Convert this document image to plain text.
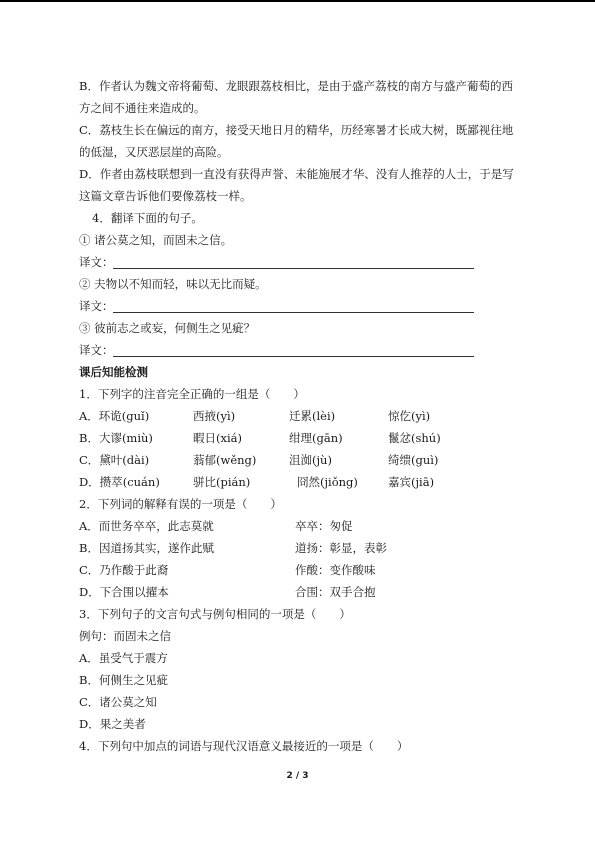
B．作者认为魏文帝将葡萄、龙眼跟荔枝相比，是由于盛产荔枝的南方与盛产葡萄的西
方之间不通往来造成的。
C．荔枝生长在偏远的南方，接受天地日月的精华，历经寒暑才长成大树，既鄙视往地
的低湿，又厌恶层崖的高险。
D．作者由荔枝联想到一直没有获得声誉、未能施展才华、没有人推荐的人士，于是写
这篇文章告诉他们要像荔枝一样。
4．翻译下面的句子。
① 诸公莫之知，而固未之信。
译文：
② 夫物以不知而轻，味以无比而疑。
译文：
③ 彼前志之或妄，何侧生之见疵？
译文：
课后知能检测
1．下列字的注音完全正确的一组是（　　）
A．环诡(guǐ)	西掖(yì)	迁累(lèi)	惊仡(yì)
B．大谬(miù)	暇日(xiá)	绀理(gān)	鬣忿(shú)
C．黛叶(dài)	蓊郁(wěng)	沮洳(jù)	绮缋(guì)
D．攒萃(cuán)	骈比(pián)	冏然(jiǒng)	嘉宾(jiā)
2．下列词的解释有误的一项是（　　）
A．而世务卒卒，此志莫就	卒卒：匆促
B．因道扬其实，遂作此赋	道扬：彰显，表彰
C．乃作酸于此裔	作酸：变作酸味
D．下合围以擢本	合围：双手合抱
3．下列句子的文言句式与例句相同的一项是（　　）
例句：而固未之信
A．虽受气于震方
B．何侧生之见疵
C．诸公莫之知
D．果之美者
4．下列句中加点的词语与现代汉语意义最接近的一项是（　　）
2 / 3
